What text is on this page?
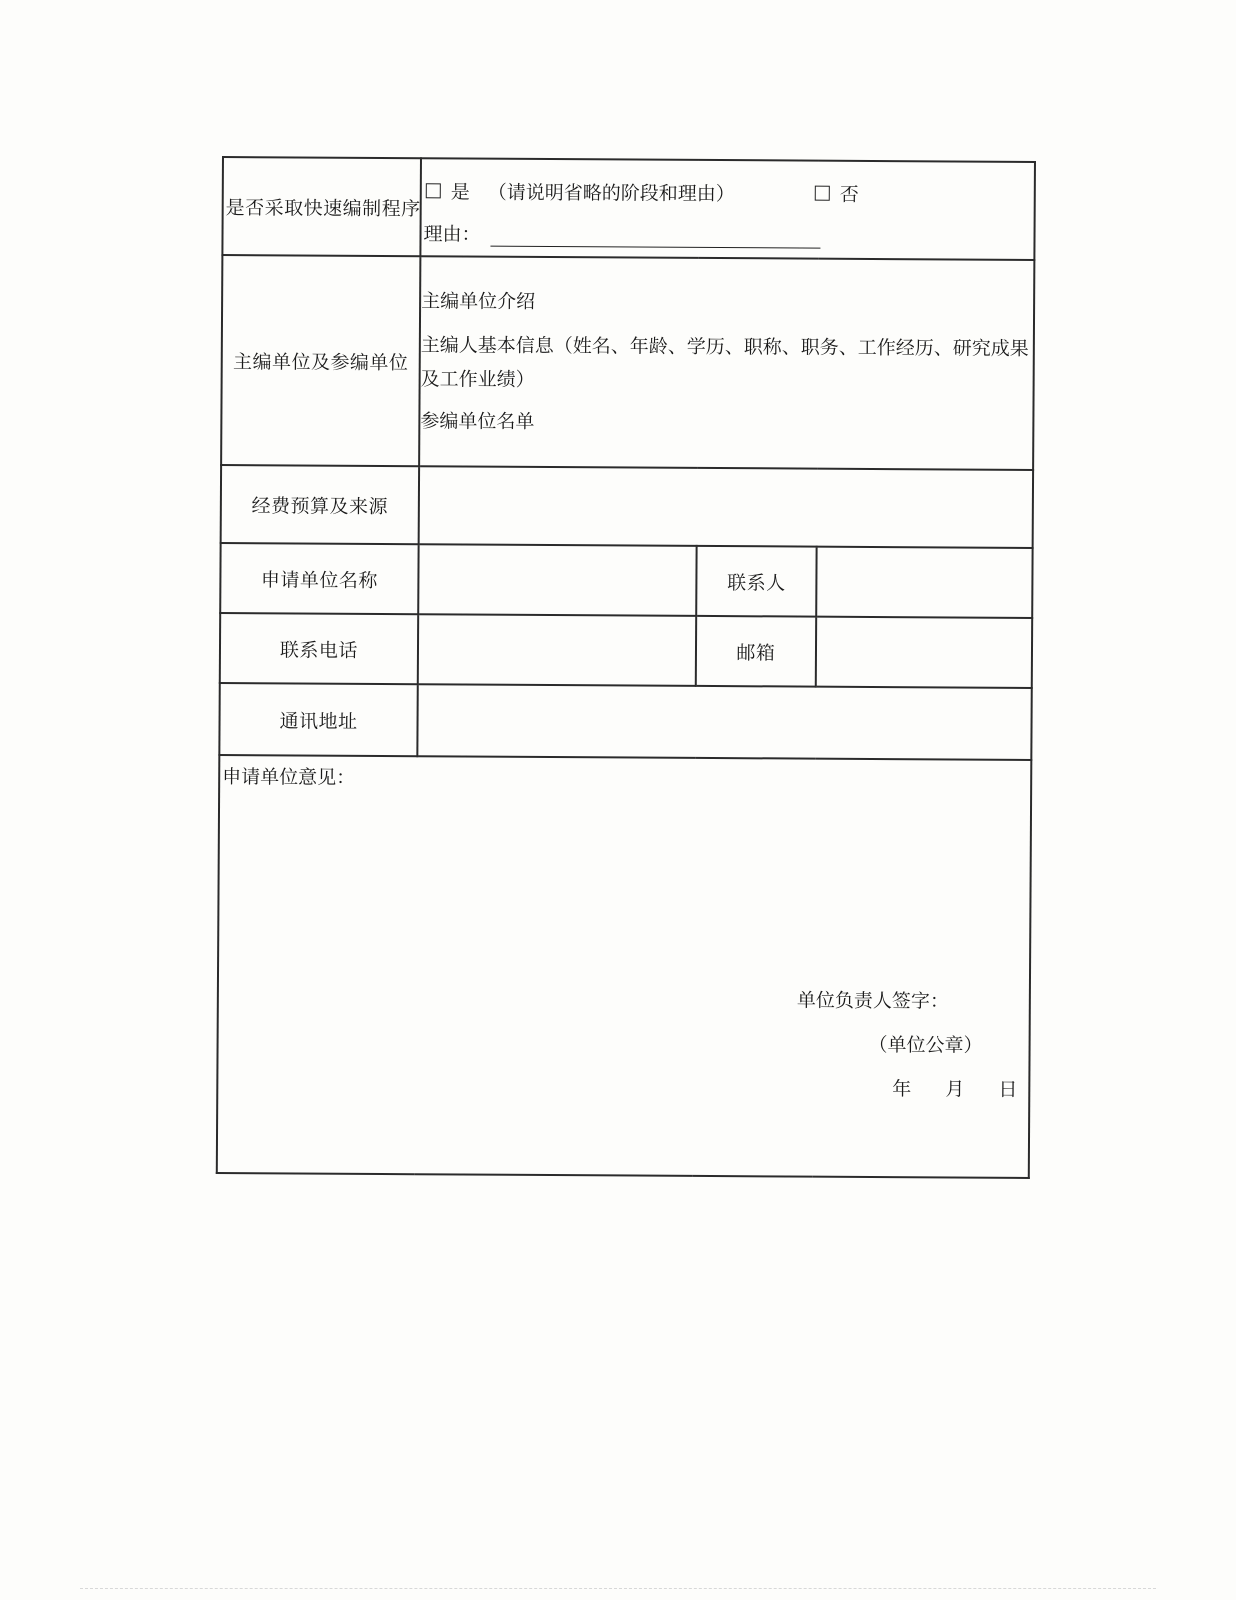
是否采取快速编制程序	是 （请说明省略的阶段和理由） 否
理由：		

主编单位及参编单位	主编单位介绍

主编人基本信息（姓名、年龄、学历、职称、职务、工作经历、研究成果及工作业绩）

参编单位名单		

经费预算及来源			
申请单位名称		联系人	
联系电话		邮箱	
通讯地址			

申请单位意见：
单位负责人签字：
（单位公章）
年 月 日			
